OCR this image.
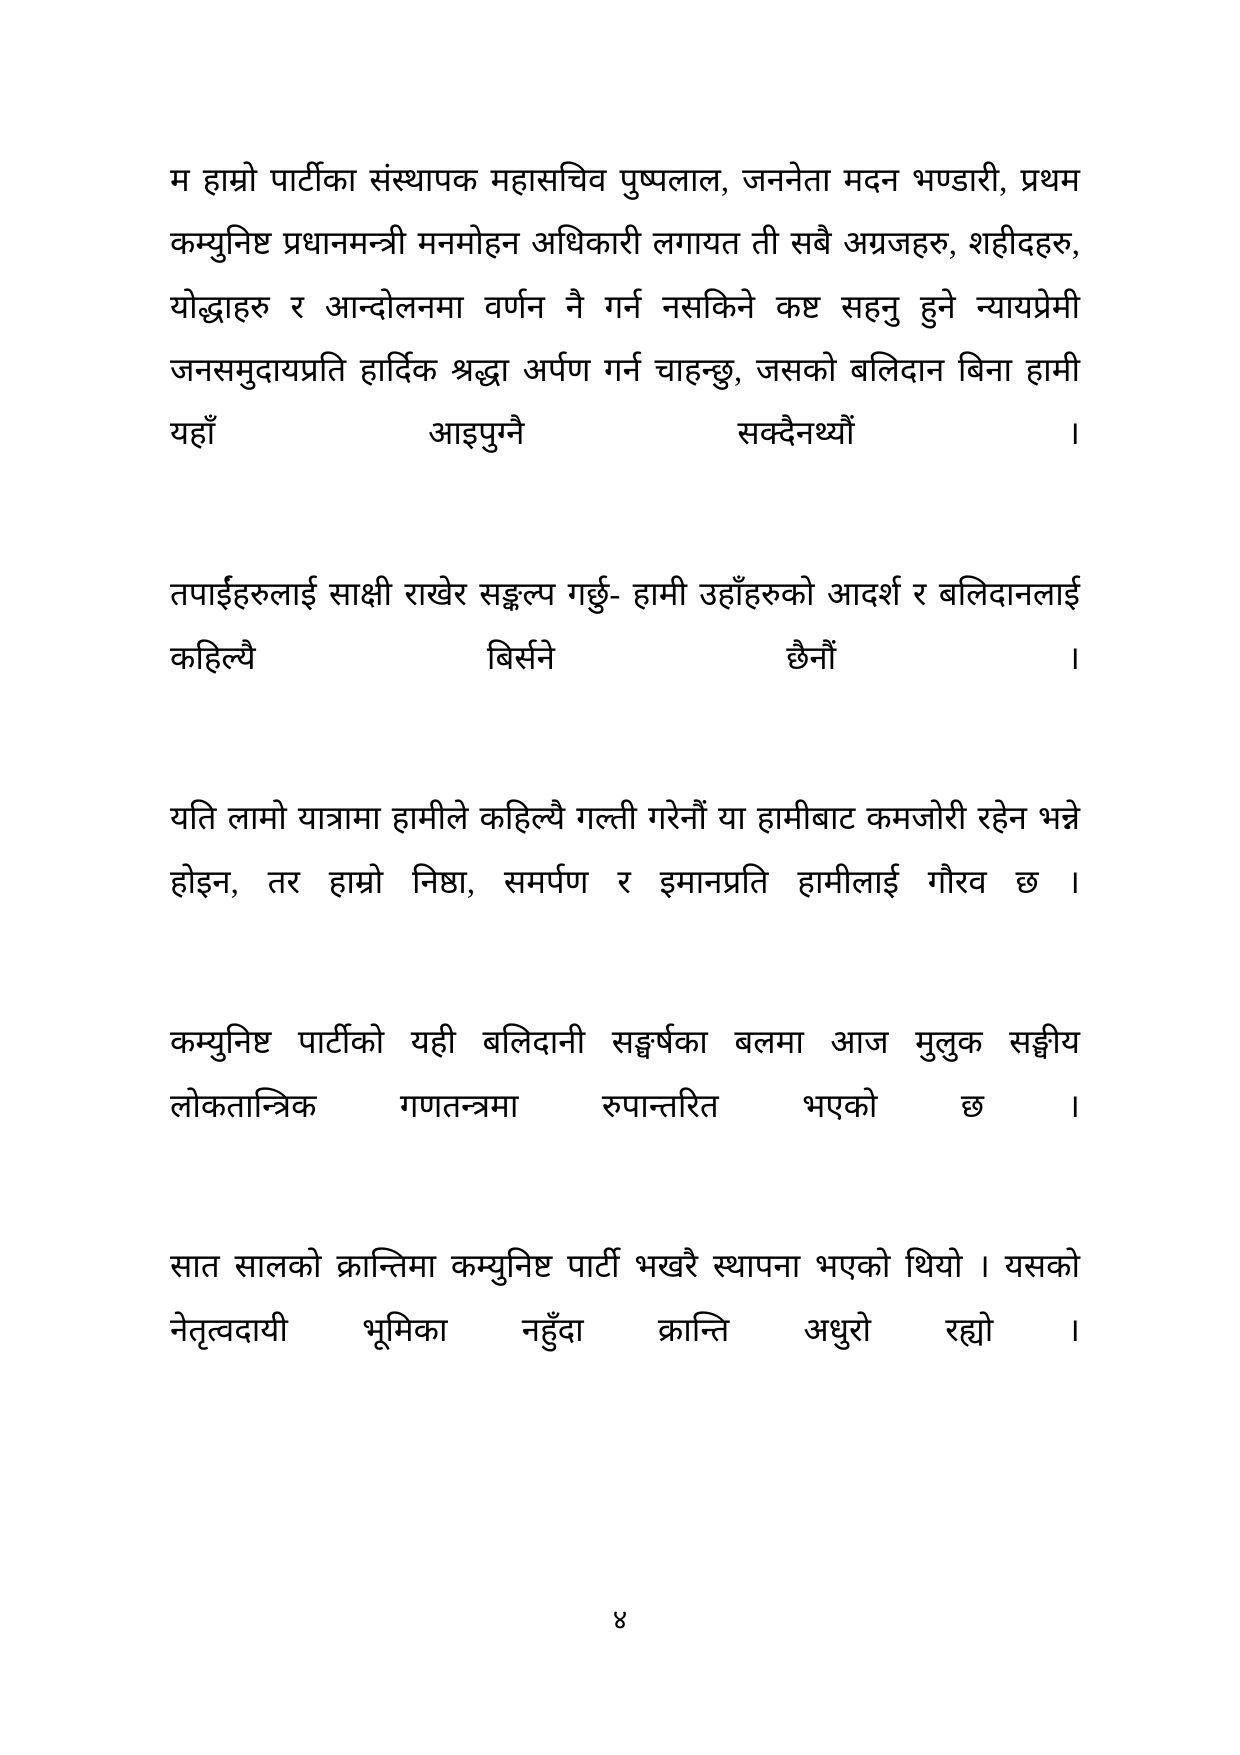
म हाम्रो पार्टीका संस्थापक महासचिव पुष्पलाल, जननेता मदन भण्डारी, प्रथम कम्युनिष्ट प्रधानमन्त्री मनमोहन अधिकारी लगायत ती सबै अग्रजहरु, शहीदहरु, योद्धाहरु र आन्दोलनमा वर्णन नै गर्न नसकिने कष्ट सहनु हुने न्यायप्रेमी जनसमुदायप्रति हार्दिक श्रद्धा अर्पण गर्न चाहन्छु, जसको बलिदान बिना हामी यहाँ आइपुग्नै सक्दैनथ्यौं ।

तपाईंहरुलाई साक्षी राखेर सङ्कल्प गर्छु- हामी उहाँहरुको आदर्श र बलिदानलाई कहिल्यै बिर्सने छैनौं ।

यति लामो यात्रामा हामीले कहिल्यै गल्ती गरेनौं या हामीबाट कमजोरी रहेन भन्ने होइन, तर हाम्रो निष्ठा, समर्पण र इमानप्रति हामीलाई गौरव छ ।

कम्युनिष्ट पार्टीको यही बलिदानी सङ्घर्षका बलमा आज मुलुक सङ्घीय लोकतान्त्रिक गणतन्त्रमा रुपान्तरित भएको छ ।

सात सालको क्रान्तिमा कम्युनिष्ट पार्टी भखरै स्थापना भएको थियो । यसको नेतृत्वदायी भूमिका नहुँदा क्रान्ति अधुरो रह्यो ।

४
